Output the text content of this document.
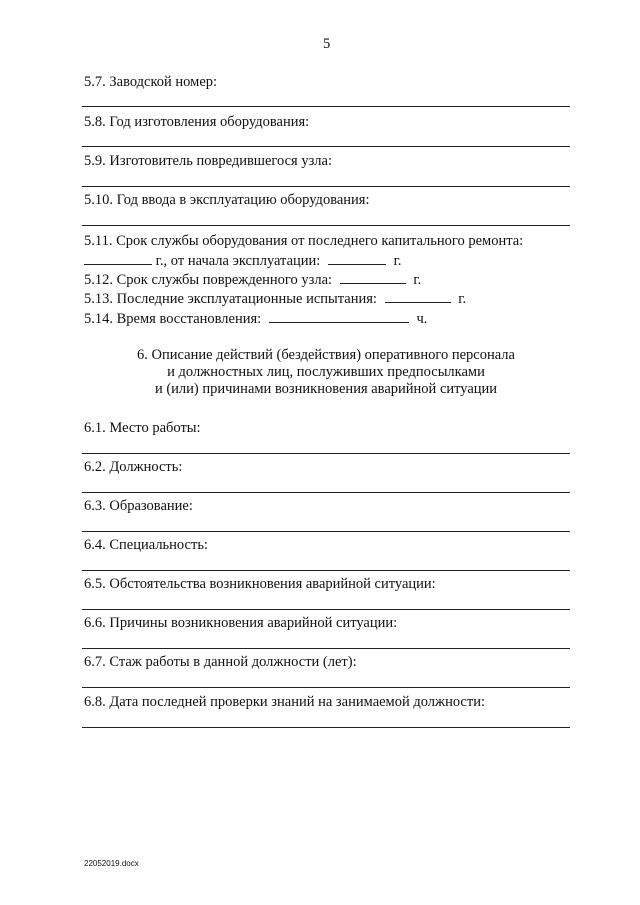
5
5.7. Заводской номер:
5.8. Год изготовления оборудования:
5.9. Изготовитель повредившегося узла:
5.10. Год ввода в эксплуатацию оборудования:
5.11. Срок службы оборудования от последнего капитального ремонта:
г., от начала эксплуатации:	г.
5.12. Срок службы поврежденного узла:	г.
5.13. Последние эксплуатационные испытания:	г.
5.14. Время восстановления:	ч.
6. Описание действий (бездействия) оперативного персонала
и должностных лиц, послуживших предпосылками
и (или) причинами возникновения аварийной ситуации
6.1. Место работы:
6.2. Должность:
6.3. Образование:
6.4. Специальность:
6.5. Обстоятельства возникновения аварийной ситуации:
6.6. Причины возникновения аварийной ситуации:
6.7. Стаж работы в данной должности (лет):
6.8. Дата последней проверки знаний на занимаемой должности:
22052019.docx
